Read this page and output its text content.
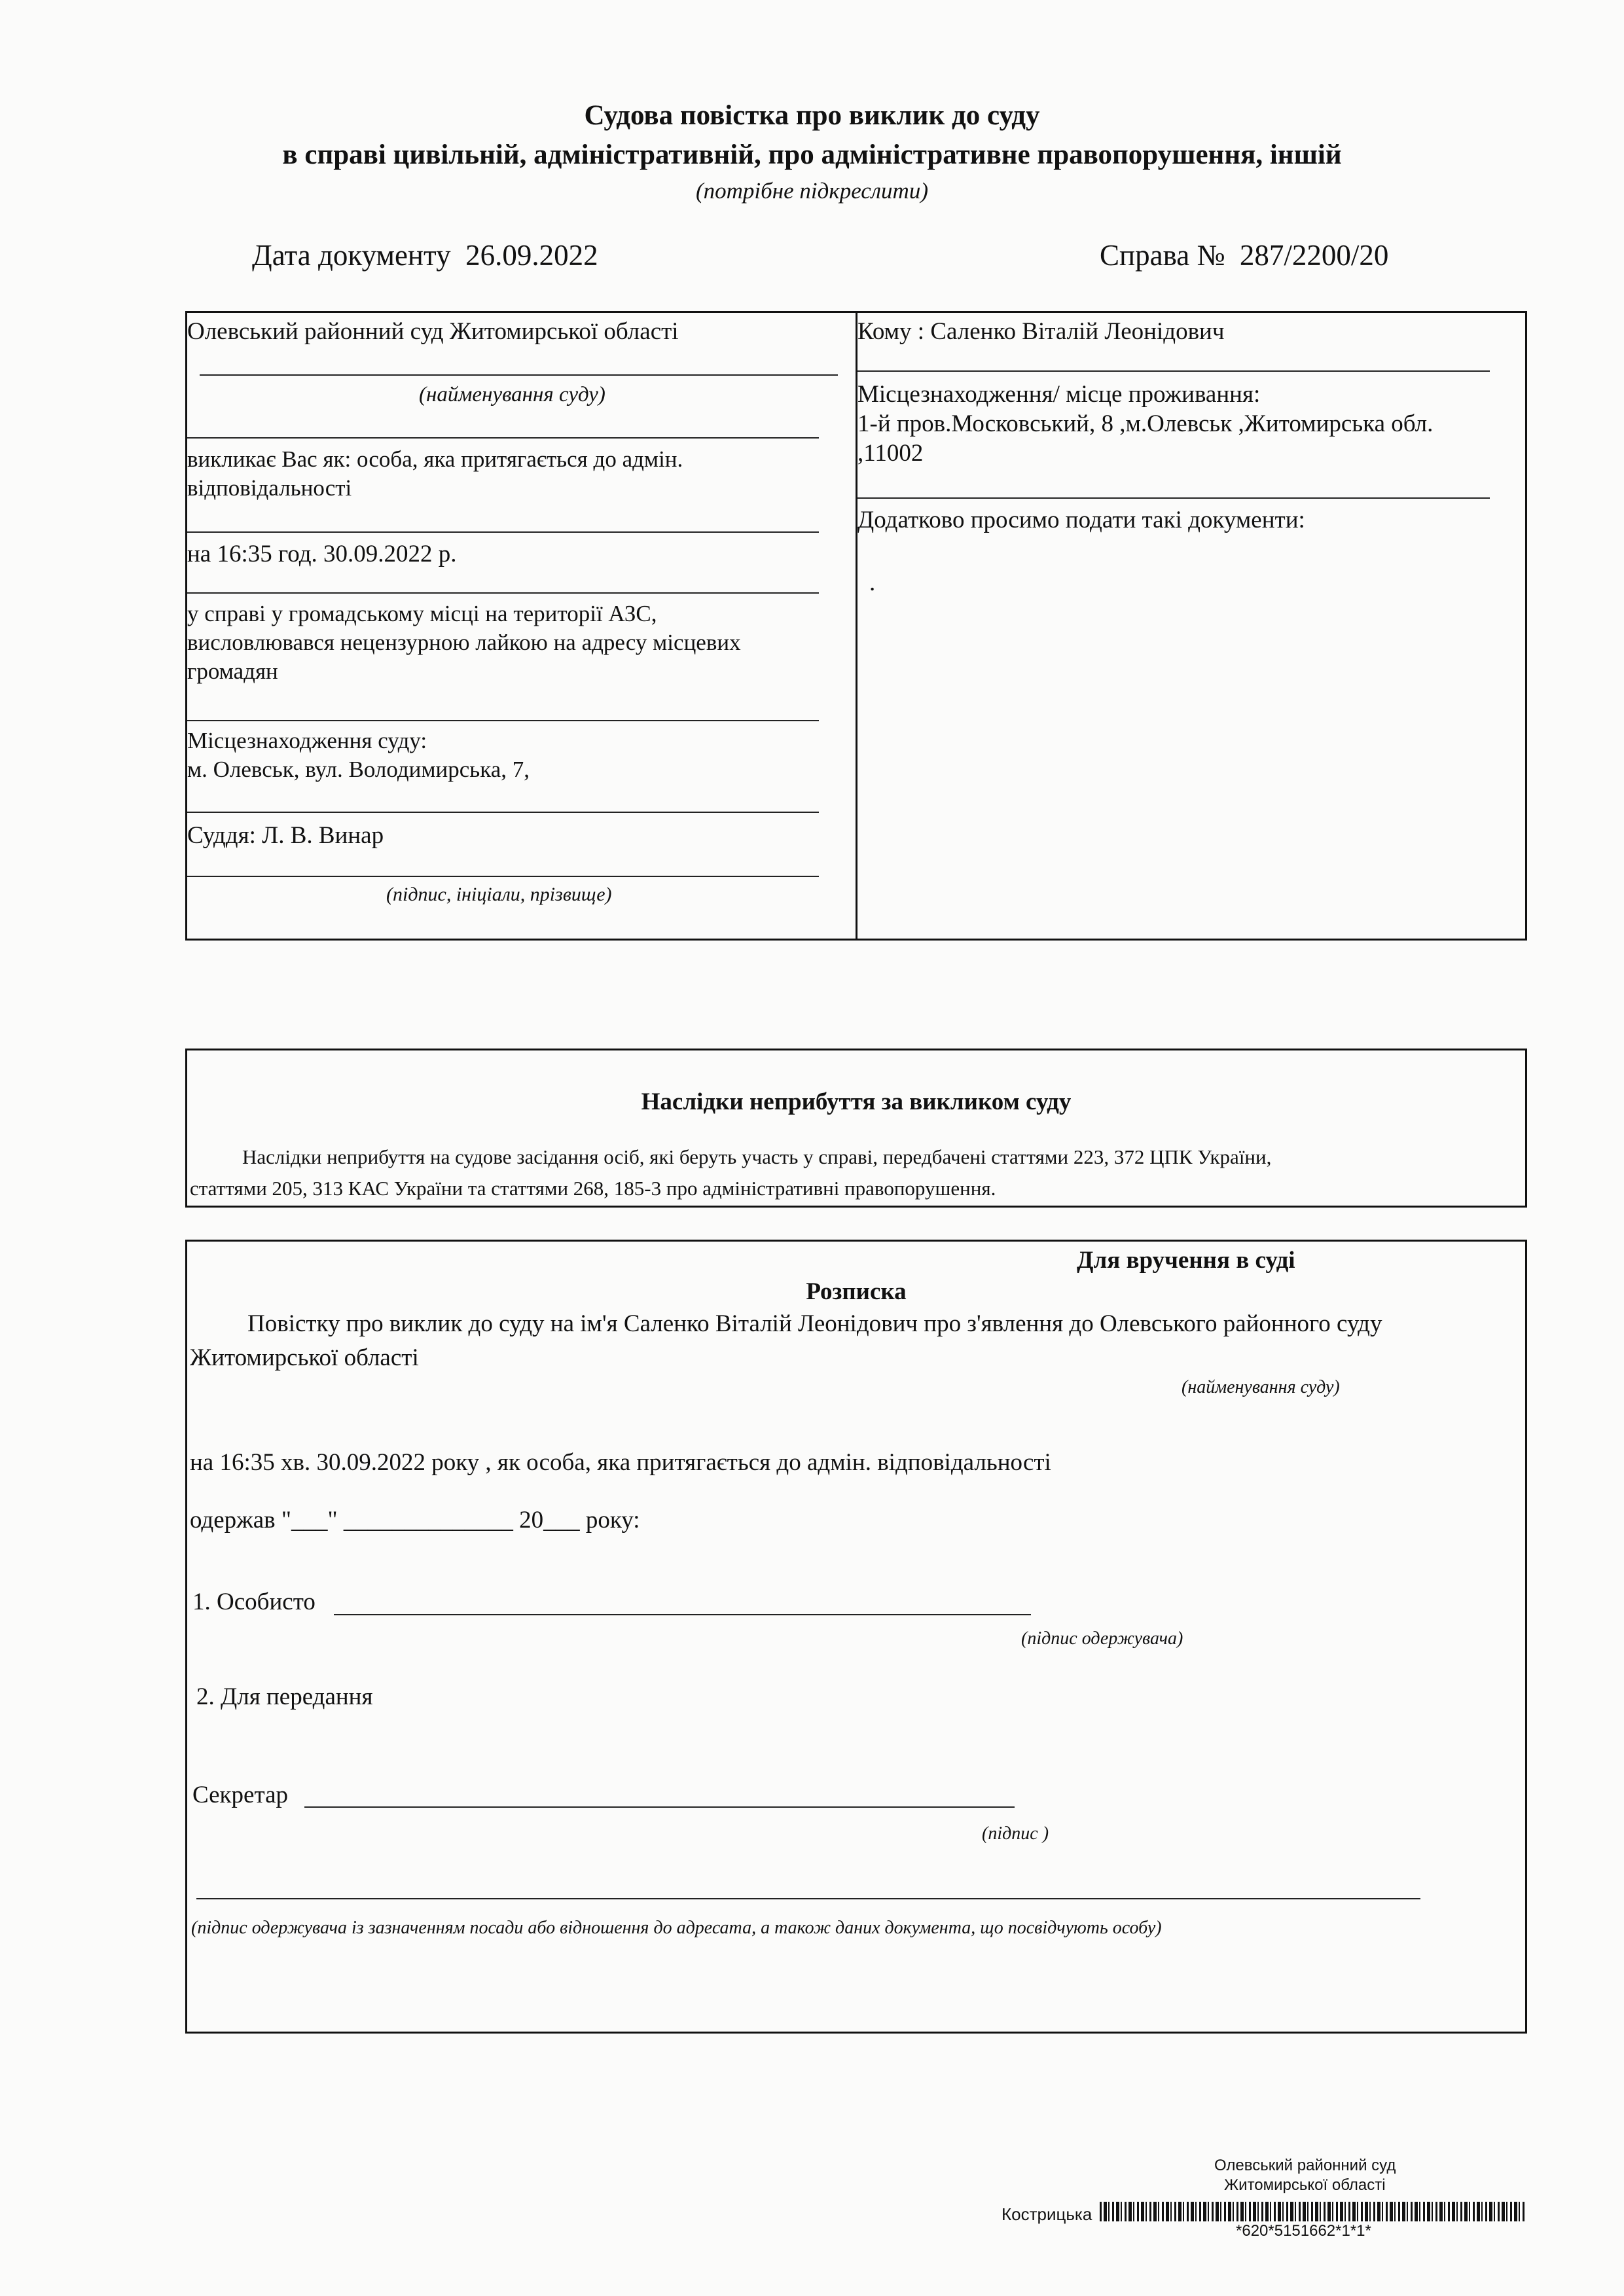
Судова повістка про виклик до суду
в справі цивільній, адміністративній, про адміністративне правопорушення, іншій
(потрібне підкреслити)
Дата документу 26.09.2022	Справа № 287/2200/20
Олевський районний суд Житомирської області
(найменування суду)
викликає Вас як: особа, яка притягається до адмін.
відповідальності
на 16:35 год. 30.09.2022 р.
у справі у громадському місці на території АЗС,
висловлювався нецензурною лайкою на адресу місцевих
громадян
Місцезнаходження суду:
м. Олевськ, вул. Володимирська, 7,
Суддя: Л. В. Винар
(підпис, ініціали, прізвище)
Кому : Саленко Віталій Леонідович
Місцезнаходження/ місце проживання:
1-й пров.Московський, 8 ,м.Олевськ ,Житомирська обл.
,11002
Додатково просимо подати такі документи:
.
Наслідки неприбуття за викликом суду
Наслідки неприбуття на судове засідання осіб, які беруть участь у справі, передбачені статтями 223, 372 ЦПК України,
статтями 205, 313 КАС України та статтями 268, 185-3 про адміністративні правопорушення.
Для вручення в суді
Розписка
Повістку про виклик до суду на ім'я Саленко Віталій Леонідович про з'явлення до Олевського районного суду
Житомирської області
(найменування суду)
на 16:35 хв. 30.09.2022 року , як особа, яка притягається до адмін. відповідальності
одержав "___" ______________ 20___ року:
1. Особисто
(підпис одержувача)
2. Для передання
Секретар
(підпис )
(підпис одержувача із зазначенням посади або відношення до адресата, а також даних документа, що посвідчують особу)
Олевський районний суд
Житомирської області
Кострицька
*620*5151662*1*1*
